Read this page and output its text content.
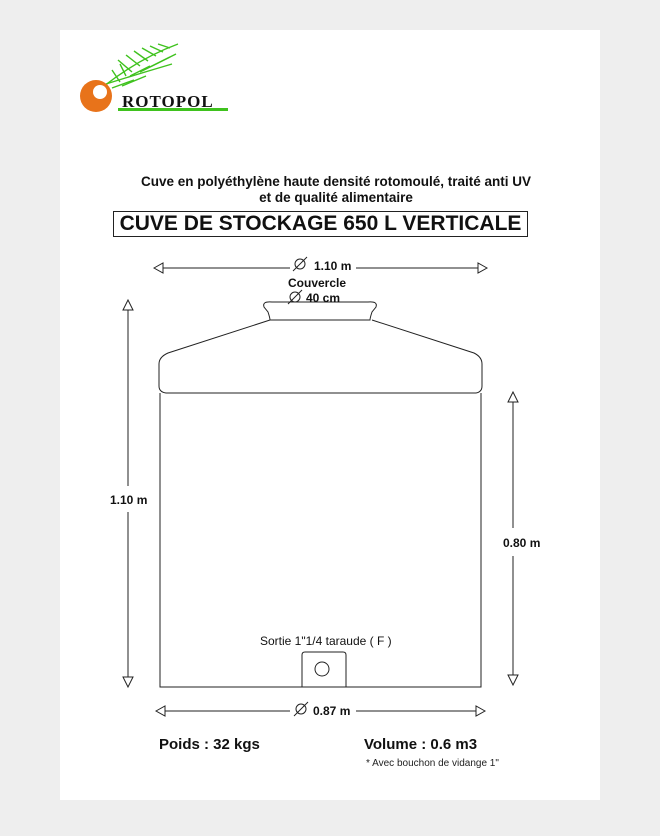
ROTOPOL
Cuve en polyéthylène haute densité rotomoulé, traité anti UV
et de qualité alimentaire
CUVE DE STOCKAGE 650 L VERTICALE
1.10 m
Couvercle
40 cm
1.10 m
0.80 m
0.87 m
Sortie 1"1/4 taraude ( F )
Poids : 32 kgs	Volume : 0.6 m3
* Avec bouchon de vidange 1"
